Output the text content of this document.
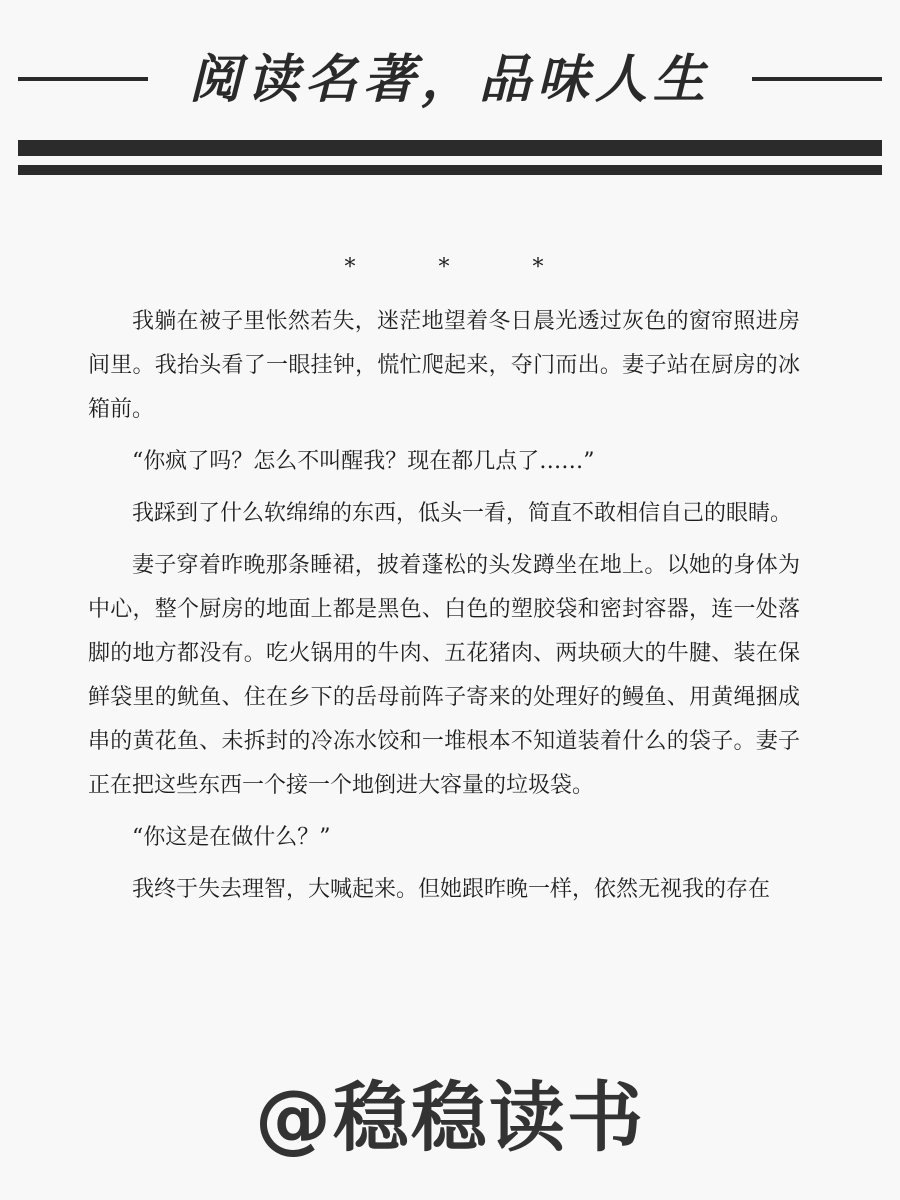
阅读名著，品味人生
* * *

我躺在被子里怅然若失，迷茫地望着冬日晨光透过灰色的窗帘照进房间里。我抬头看了一眼挂钟，慌忙爬起来，夺门而出。妻子站在厨房的冰箱前。

“你疯了吗？怎么不叫醒我？现在都几点了……”

我踩到了什么软绵绵的东西，低头一看，简直不敢相信自己的眼睛。

妻子穿着昨晚那条睡裙，披着蓬松的头发蹲坐在地上。以她的身体为中心，整个厨房的地面上都是黑色、白色的塑胶袋和密封容器，连一处落脚的地方都没有。吃火锅用的牛肉、五花猪肉、两块硕大的牛腱、装在保鲜袋里的鱿鱼、住在乡下的岳母前阵子寄来的处理好的鳗鱼、用黄绳捆成串的黄花鱼、未拆封的冷冻水饺和一堆根本不知道装着什么的袋子。妻子正在把这些东西一个接一个地倒进大容量的垃圾袋。

“你这是在做什么？”

我终于失去理智，大喊起来。但她跟昨晚一样，依然无视我的存在

@稳稳读书
